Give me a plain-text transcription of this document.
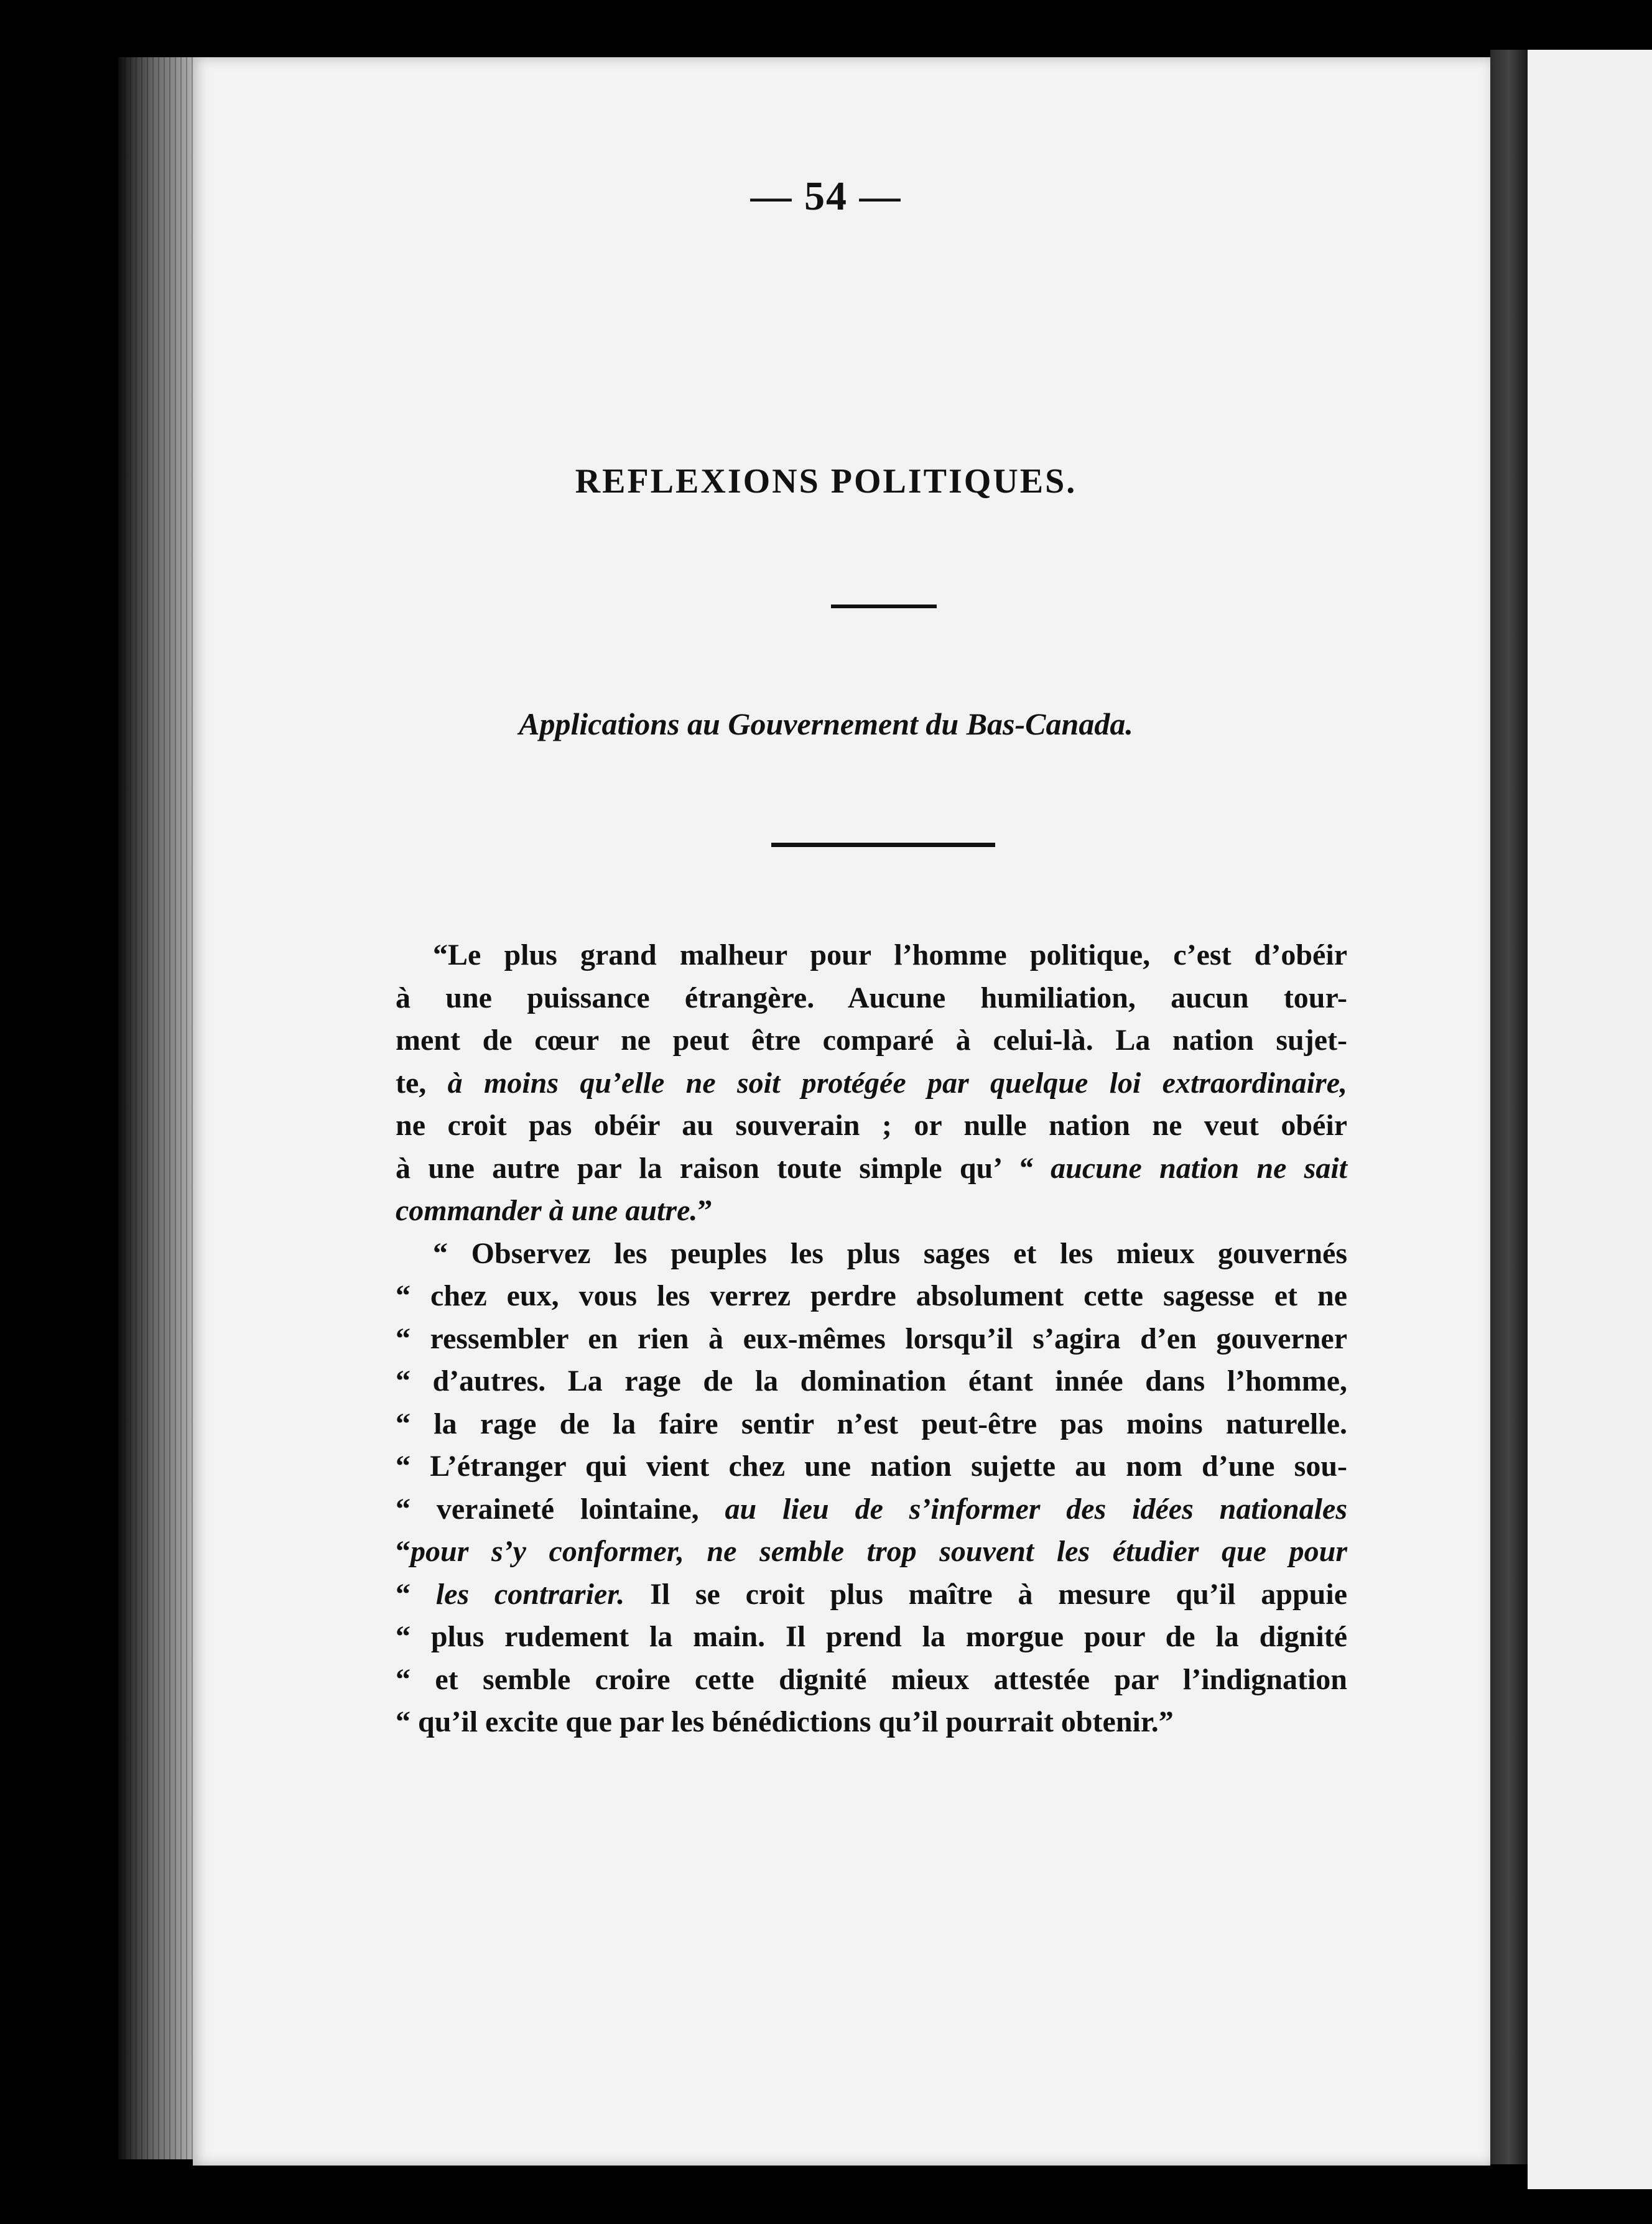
— 54 —
REFLEXIONS POLITIQUES.
Applications au Gouvernement du Bas-Canada.
“Le plus grand malheur pour l’homme politique, c’est d’obéir
à une puissance étrangère. Aucune humiliation, aucun tour-
ment de cœur ne peut être comparé à celui-là. La nation sujet-
te, à moins qu’elle ne soit protégée par quelque loi extraordinaire,
ne croit pas obéir au souverain ; or nulle nation ne veut obéir
à une autre par la raison toute simple qu’ “ aucune nation ne sait
commander à une autre.”
“ Observez les peuples les plus sages et les mieux gouvernés
“ chez eux, vous les verrez perdre absolument cette sagesse et ne
“ ressembler en rien à eux-mêmes lorsqu’il s’agira d’en gouverner
“ d’autres. La rage de la domination étant innée dans l’homme,
“ la rage de la faire sentir n’est peut-être pas moins naturelle.
“ L’étranger qui vient chez une nation sujette au nom d’une sou-
“ veraineté lointaine, au lieu de s’informer des idées nationales
“pour s’y conformer, ne semble trop souvent les étudier que pour
“ les contrarier. Il se croit plus maître à mesure qu’il appuie
“ plus rudement la main. Il prend la morgue pour de la dignité
“ et semble croire cette dignité mieux attestée par l’indignation
“ qu’il excite que par les bénédictions qu’il pourrait obtenir.”
